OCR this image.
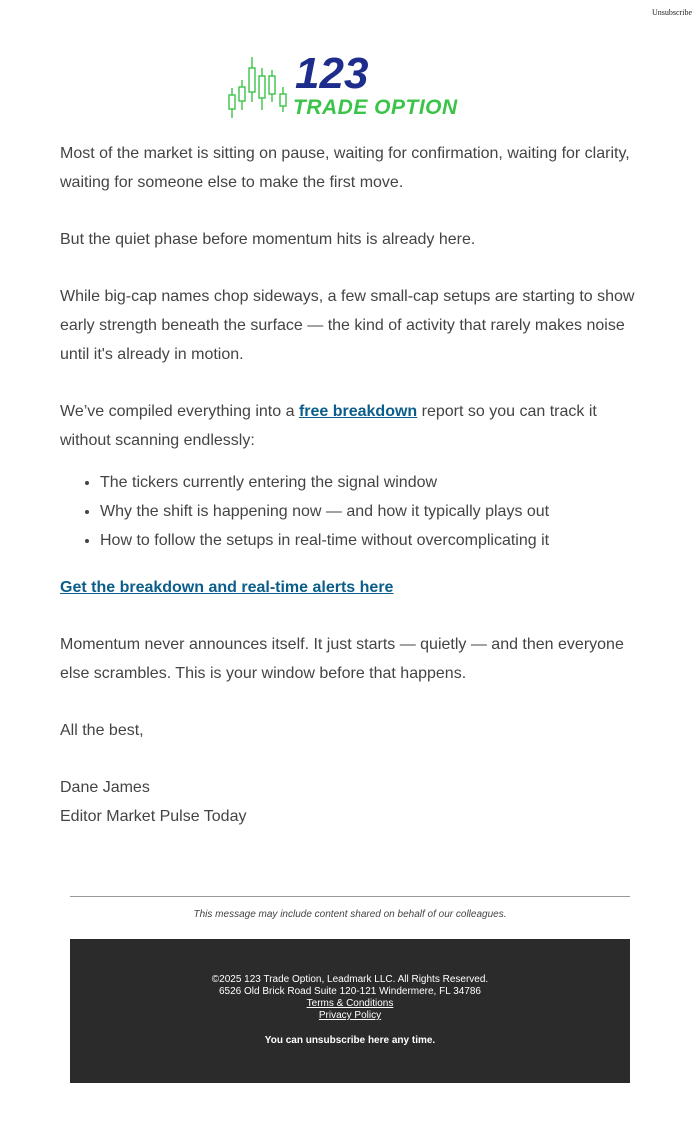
Unsubscribe
123
TRADE OPTION

Most of the market is sitting on pause, waiting for confirmation, waiting for clarity, waiting for someone else to make the first move.

But the quiet phase before momentum hits is already here.

While big-cap names chop sideways, a few small-cap setups are starting to show early strength beneath the surface — the kind of activity that rarely makes noise until it's already in motion.

We’ve compiled everything into a free breakdown report so you can track it without scanning endlessly:

• The tickers currently entering the signal window
• Why the shift is happening now — and how it typically plays out
• How to follow the setups in real-time without overcomplicating it

Get the breakdown and real-time alerts here

Momentum never announces itself. It just starts — quietly — and then everyone else scrambles. This is your window before that happens.

All the best,

Dane James

Editor Market Pulse Today

This message may include content shared on behalf of our colleagues.
©2025 123 Trade Option, Leadmark LLC. All Rights Reserved.
6526 Old Brick Road Suite 120-121 Windermere, FL 34786
Terms & Conditions
Privacy Policy
You can unsubscribe here any time.
